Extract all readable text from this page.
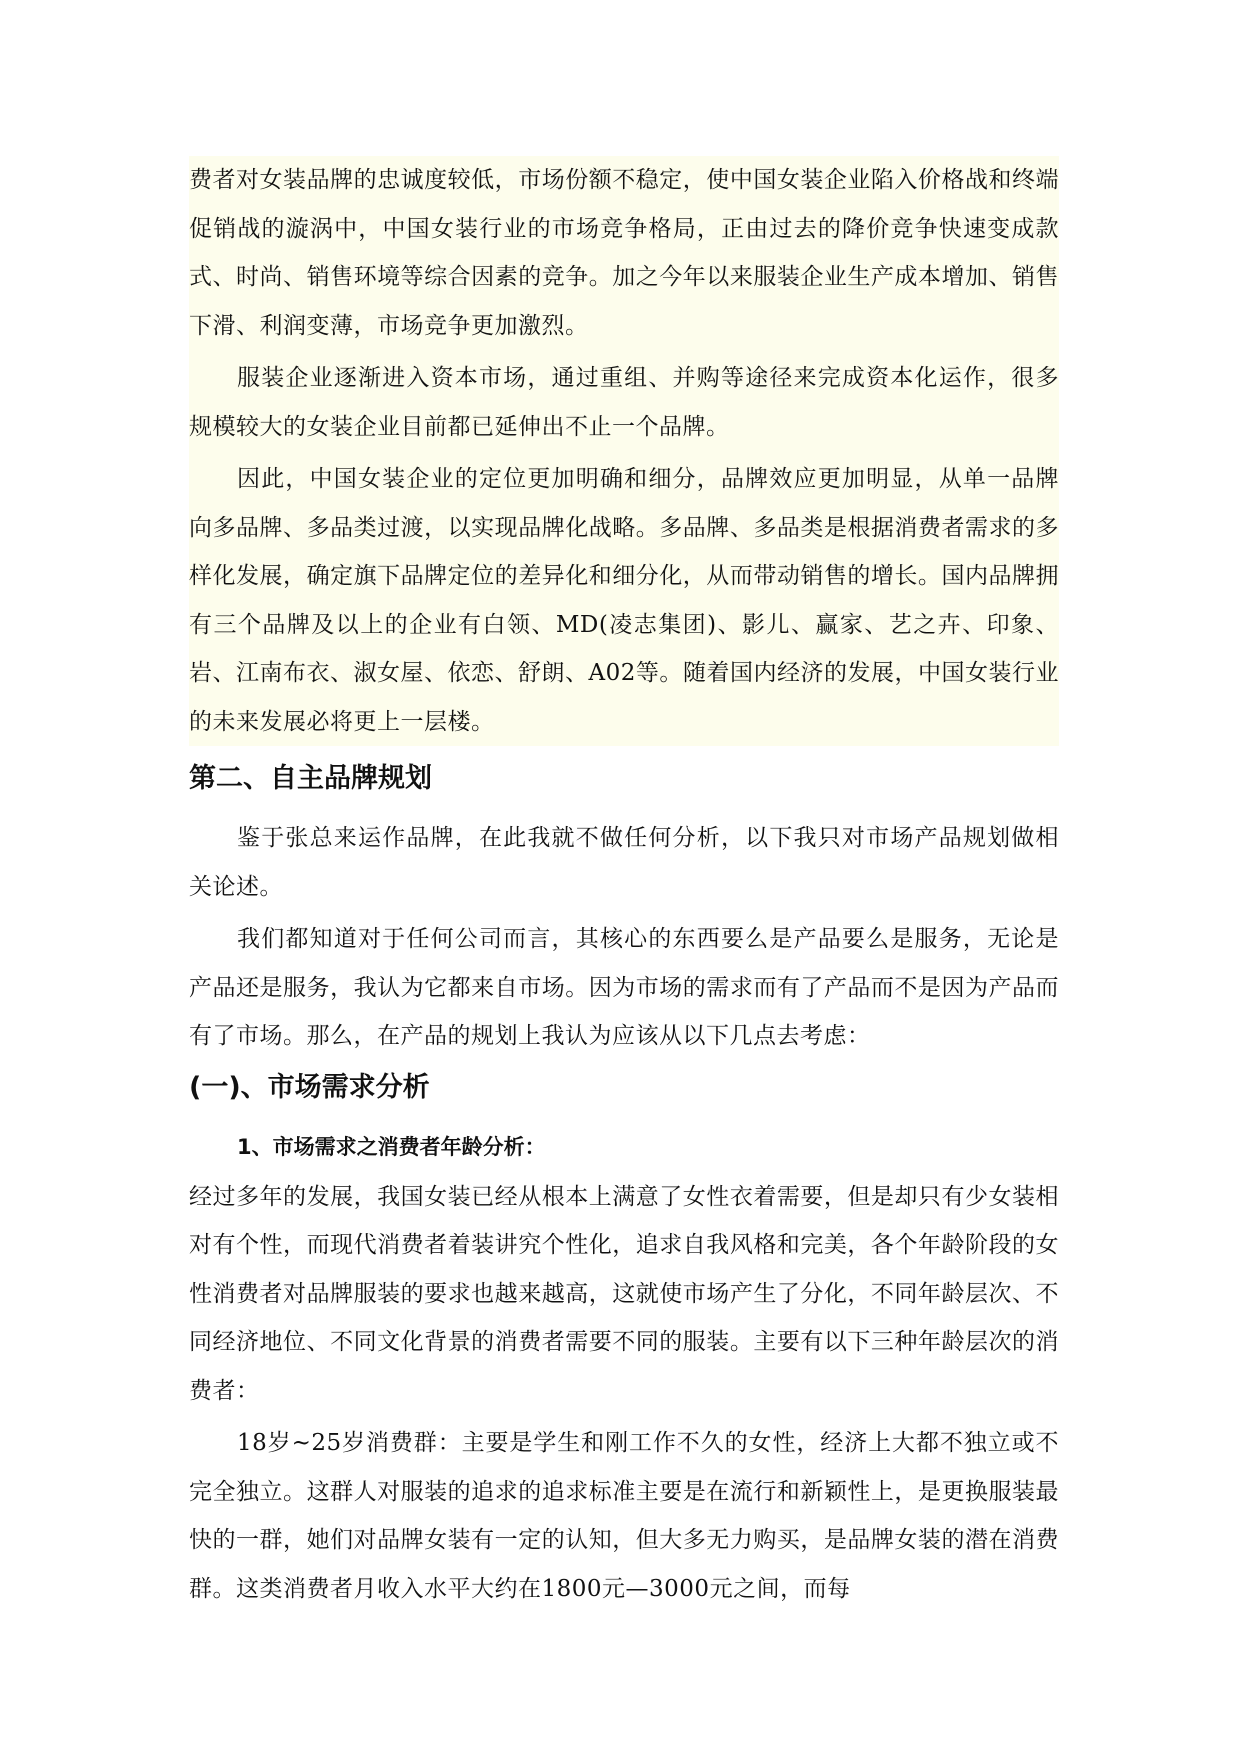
费者对女装品牌的忠诚度较低，市场份额不稳定，使中国女装企业陷入价格战和终端促销战的漩涡中，中国女装行业的市场竞争格局，正由过去的降价竞争快速变成款式、时尚、销售环境等综合因素的竞争。加之今年以来服装企业生产成本增加、销售下滑、利润变薄，市场竞争更加激烈。

服装企业逐渐进入资本市场，通过重组、并购等途径来完成资本化运作，很多规模较大的女装企业目前都已延伸出不止一个品牌。

因此，中国女装企业的定位更加明确和细分，品牌效应更加明显，从单一品牌向多品牌、多品类过渡，以实现品牌化战略。多品牌、多品类是根据消费者需求的多样化发展，确定旗下品牌定位的差异化和细分化，从而带动销售的增长。国内品牌拥有三个品牌及以上的企业有白领、MD(凌志集团)、影儿、赢家、艺之卉、印象、岩、江南布衣、淑女屋、依恋、舒朗、A02等。随着国内经济的发展，中国女装行业的未来发展必将更上一层楼。

第二、自主品牌规划

鉴于张总来运作品牌，在此我就不做任何分析，以下我只对市场产品规划做相关论述。

我们都知道对于任何公司而言，其核心的东西要么是产品要么是服务，无论是产品还是服务，我认为它都来自市场。因为市场的需求而有了产品而不是因为产品而有了市场。那么，在产品的规划上我认为应该从以下几点去考虑：

(一)、市场需求分析
1、市场需求之消费者年龄分析：

经过多年的发展，我国女装已经从根本上满意了女性衣着需要，但是却只有少女装相对有个性，而现代消费者着装讲究个性化，追求自我风格和完美，各个年龄阶段的女性消费者对品牌服装的要求也越来越高，这就使市场产生了分化，不同年龄层次、不同经济地位、不同文化背景的消费者需要不同的服装。主要有以下三种年龄层次的消费者：

18岁~25岁消费群：主要是学生和刚工作不久的女性，经济上大都不独立或不完全独立。这群人对服装的追求的追求标准主要是在流行和新颖性上，是更换服装最快的一群，她们对品牌女装有一定的认知，但大多无力购买，是品牌女装的潜在消费群。这类消费者月收入水平大约在1800元—3000元之间，而每
